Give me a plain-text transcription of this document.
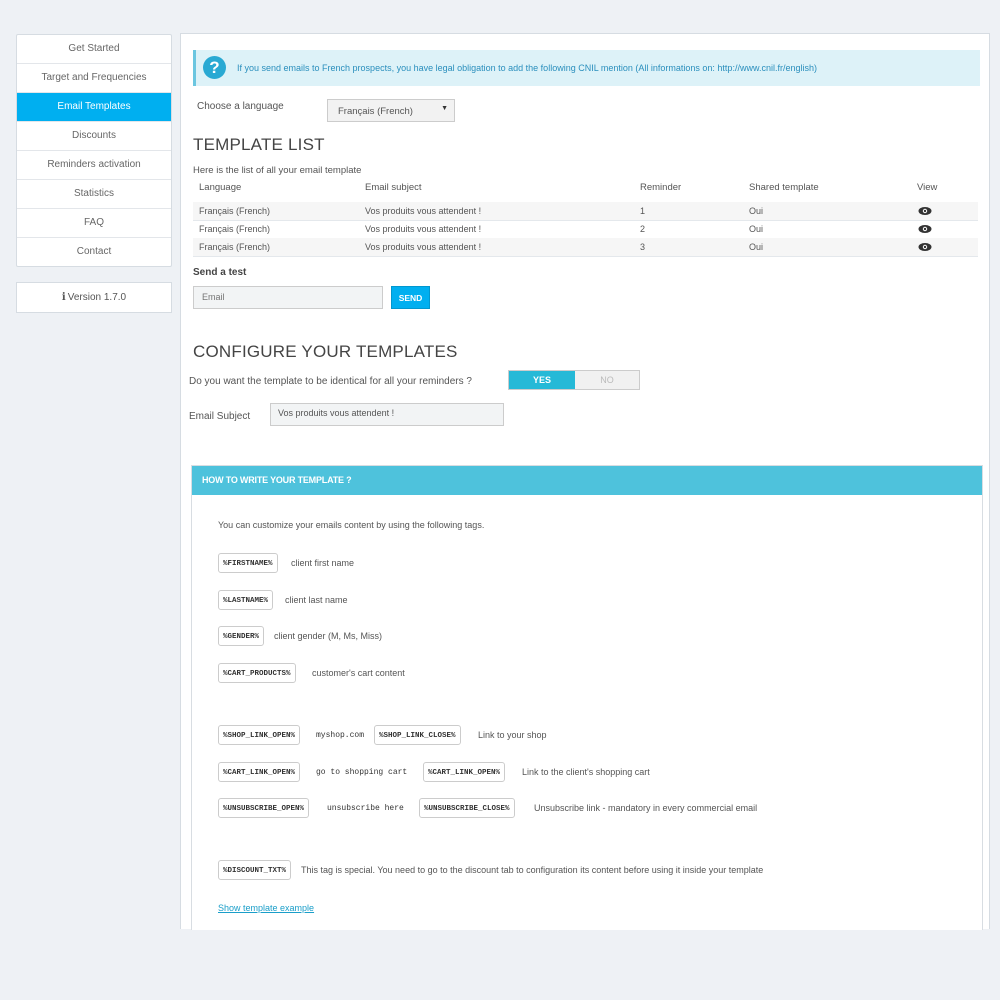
Get Started
Target and Frequencies
Email Templates
Discounts
Reminders activation
Statistics
FAQ
Contact
i Version 1.7.0
?	If you send emails to French prospects, you have legal obligation to add the following CNIL mention (All informations on: http://www.cnil.fr/english)
Choose a language	Français (French)	▼
TEMPLATE LIST
Here is the list of all your email template
Language	Email subject	Reminder	Shared template	View
Français (French)	Vos produits vous attendent !	1	Oui
Français (French)	Vos produits vous attendent !	2	Oui
Français (French)	Vos produits vous attendent !	3	Oui
Send a test
Email
SEND
CONFIGURE YOUR TEMPLATES
Do you want the template to be identical for all your reminders ?	YES	NO
Email Subject
Vos produits vous attendent !
HOW TO WRITE YOUR TEMPLATE ?
You can customize your emails content by using the following tags.
%FIRSTNAME%	client first name
%LASTNAME%	client last name
%GENDER%	client gender (M, Ms, Miss)
%CART_PRODUCTS%	customer's cart content
%SHOP_LINK_OPEN%	myshop.com	%SHOP_LINK_CLOSE%	Link to your shop
%CART_LINK_OPEN%	go to shopping cart	%CART_LINK_OPEN%	Link to the client's shopping cart
%UNSUBSCRIBE_OPEN%	unsubscribe here	%UNSUBSCRIBE_CLOSE%	Unsubscribe link - mandatory in every commercial email
%DISCOUNT_TXT%	This tag is special. You need to go to the discount tab to configuration its content before using it inside your template
Show template example
